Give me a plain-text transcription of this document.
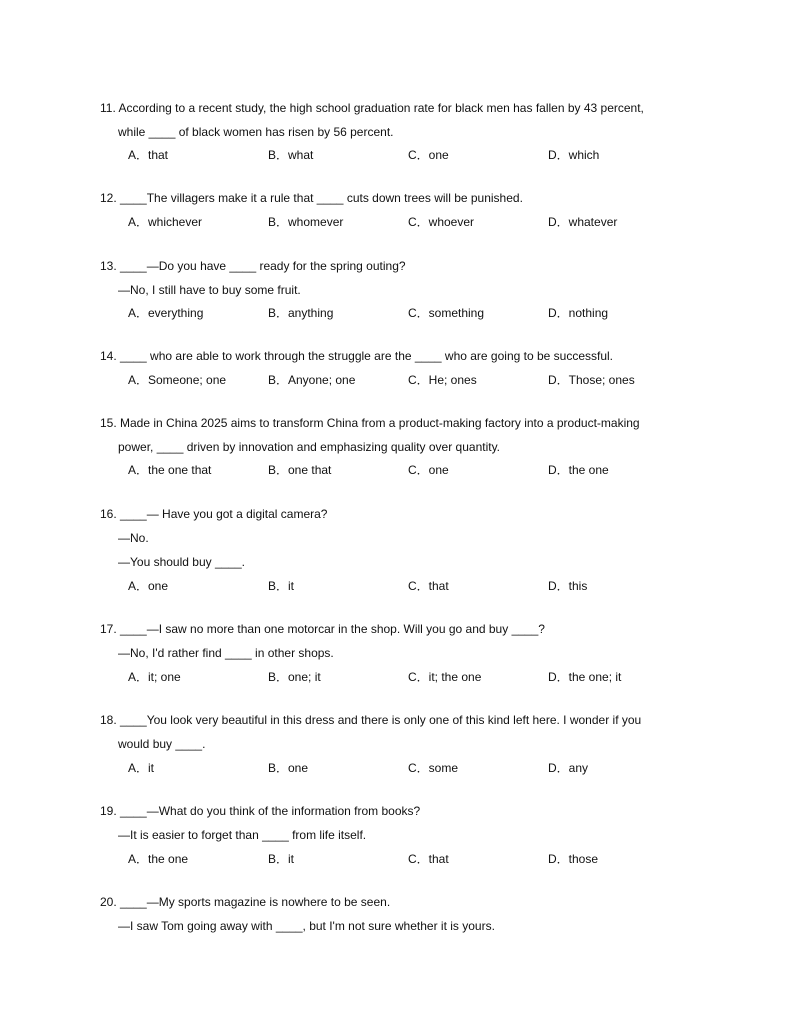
11. According to a recent study, the high school graduation rate for black men has fallen by 43 percent,
while ____ of black women has risen by 56 percent.
A．that	B．what	C．one	D．which
12. ____The villagers make it a rule that ____ cuts down trees will be punished.
A．whichever	B．whomever	C．whoever	D．whatever
13. ____—Do you have ____ ready for the spring outing?
—No, I still have to buy some fruit.
A．everything	B．anything	C．something	D．nothing
14. ____ who are able to work through the struggle are the ____ who are going to be successful.
A．Someone; one	B．Anyone; one	C．He; ones	D．Those; ones
15. Made in China 2025 aims to transform China from a product-making factory into a product-making
power, ____ driven by innovation and emphasizing quality over quantity.
A．the one that	B．one that	C．one	D．the one
16. ____— Have you got a digital camera?
—No.
—You should buy ____.
A．one	B．it	C．that	D．this
17. ____—I saw no more than one motorcar in the shop. Will you go and buy ____?
—No, I'd rather find ____ in other shops.
A．it; one	B．one; it	C．it; the one	D．the one; it
18. ____You look very beautiful in this dress and there is only one of this kind left here. I wonder if you
would buy ____.
A．it	B．one	C．some	D．any
19. ____—What do you think of the information from books?
—It is easier to forget than ____ from life itself.
A．the one	B．it	C．that	D．those
20. ____—My sports magazine is nowhere to be seen.
—I saw Tom going away with ____, but I'm not sure whether it is yours.
